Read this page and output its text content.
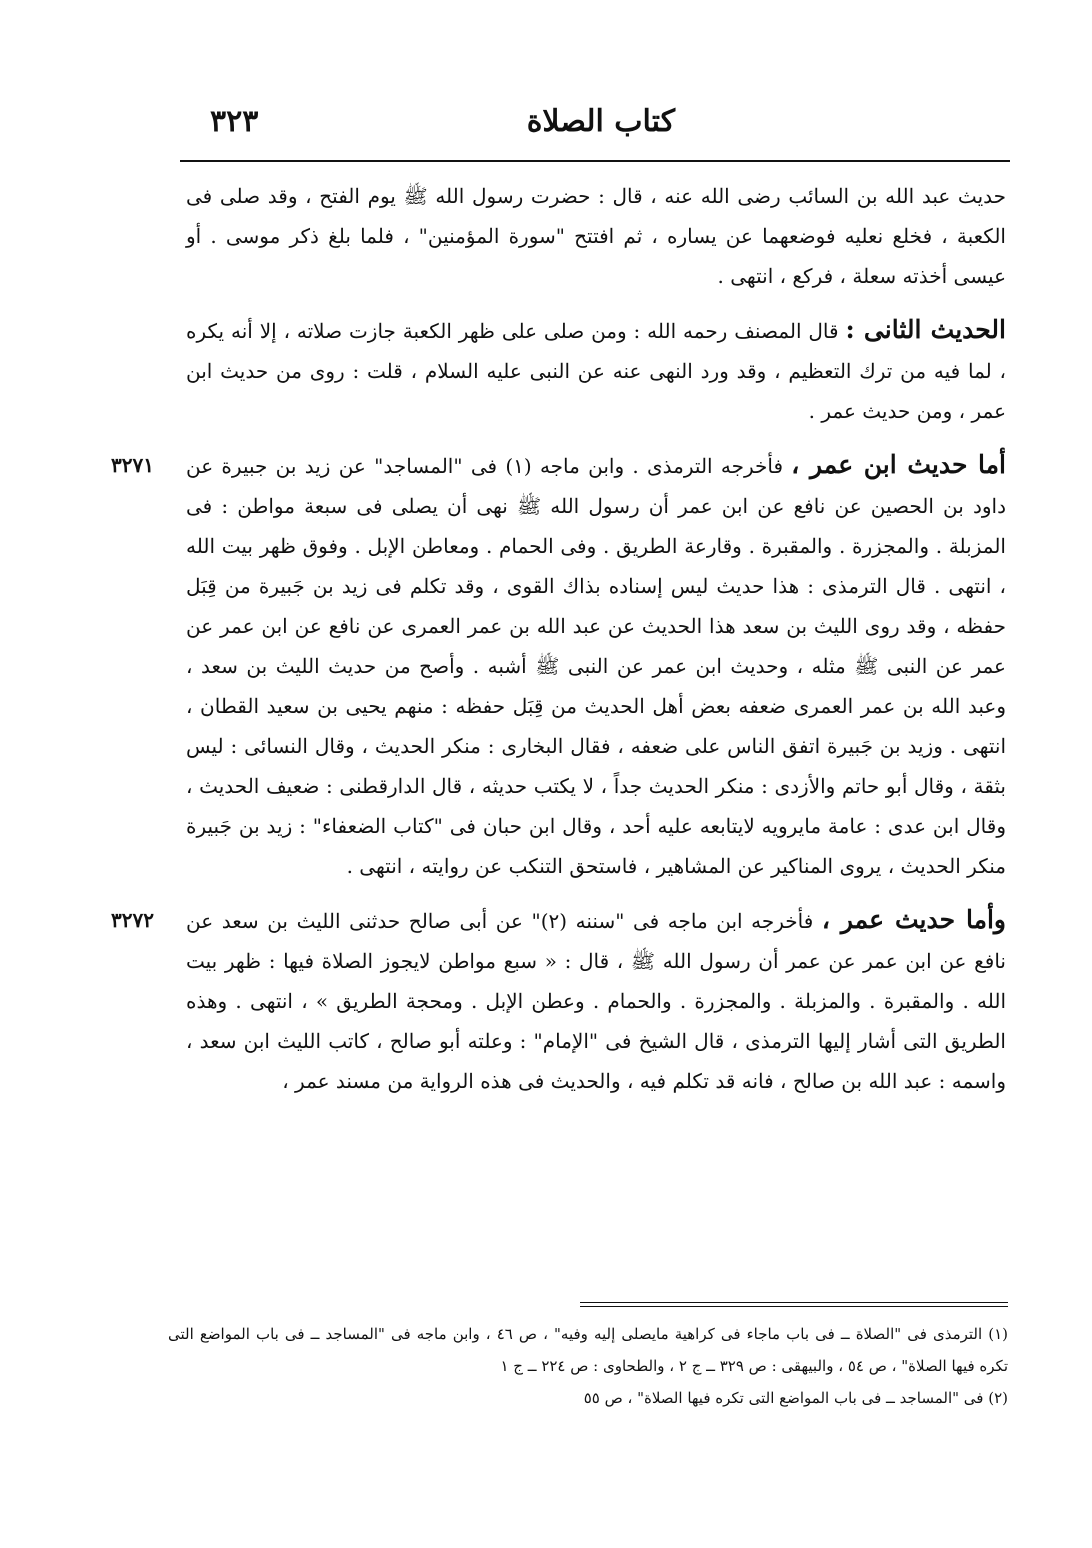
كتاب الصلاة
٣٢٣

حديث عبد الله بن السائب رضى الله عنه ، قال : حضرت رسول الله ﷺ يوم الفتح ، وقد صلى فى الكعبة ، فخلع نعليه فوضعهما عن يساره ، ثم افتتح "سورة المؤمنين" ، فلما بلغ ذكر موسى . أو عيسى أخذته سعلة ، فركع ، انتهى .

الحديث الثانى : قال المصنف رحمه الله : ومن صلى على ظهر الكعبة جازت صلاته ، إلا أنه يكره ، لما فيه من ترك التعظيم ، وقد ورد النهى عنه عن النبى عليه السلام ، قلت : روى من حديث ابن عمر ، ومن حديث عمر .

٣٢٧١	أما حديث ابن عمر ، فأخرجه الترمذى . وابن ماجه (١) فى "المساجد" عن زيد بن جبيرة عن داود بن الحصين عن نافع عن ابن عمر أن رسول الله ﷺ نهى أن يصلى فى سبعة مواطن : فى المزبلة . والمجزرة . والمقبرة . وقارعة الطريق . وفى الحمام . ومعاطن الإبل . وفوق ظهر بيت الله ، انتهى . قال الترمذى : هذا حديث ليس إسناده بذاك القوى ، وقد تكلم فى زيد بن جَبيرة من قِبَل حفظه ، وقد روى الليث بن سعد هذا الحديث عن عبد الله بن عمر العمرى عن نافع عن ابن عمر عن عمر عن النبى ﷺ مثله ، وحديث ابن عمر عن النبى ﷺ أشبه . وأصح من حديث الليث بن سعد ، وعبد الله بن عمر العمرى ضعفه بعض أهل الحديث من قِبَل حفظه : منهم يحيى بن سعيد القطان ، انتهى . وزيد بن جَبيرة اتفق الناس على ضعفه ، فقال البخارى : منكر الحديث ، وقال النسائى : ليس بثقة ، وقال أبو حاتم والأزدى : منكر الحديث جداً ، لا يكتب حديثه ، قال الدارقطنى : ضعيف الحديث ، وقال ابن عدى : عامة مايرويه لايتابعه عليه أحد ، وقال ابن حبان فى "كتاب الضعفاء" : زيد بن جَبيرة منكر الحديث ، يروى المناكير عن المشاهير ، فاستحق التنكب عن روايته ، انتهى .
٣٢٧٢	وأما حديث عمر ، فأخرجه ابن ماجه فى "سننه (٢)" عن أبى صالح حدثنى الليث بن سعد عن نافع عن ابن عمر عن عمر أن رسول الله ﷺ ، قال : « سبع مواطن لايجوز الصلاة فيها : ظهر بيت الله . والمقبرة . والمزبلة . والمجزرة . والحمام . وعطن الإبل . ومحجة الطريق » ، انتهى . وهذه الطريق التى أشار إليها الترمذى ، قال الشيخ فى "الإمام" : وعلته أبو صالح ، كاتب الليث ابن سعد ، واسمه : عبد الله بن صالح ، فانه قد تكلم فيه ، والحديث فى هذه الرواية من مسند عمر ،

(١) الترمذى فى "الصلاة ــ فى باب ماجاء فى كراهية مايصلى إليه وفيه" ، ص ٤٦ ، وابن ماجه فى "المساجد ــ فى باب المواضع التى تكره فيها الصلاة" ، ص ٥٤ ، والبيهقى : ص ٣٢٩ ــ ج ٢ ، والطحاوى : ص ٢٢٤ ــ ج ١

(٢) فى "المساجد ــ فى باب المواضع التى تكره فيها الصلاة" ، ص ٥٥
